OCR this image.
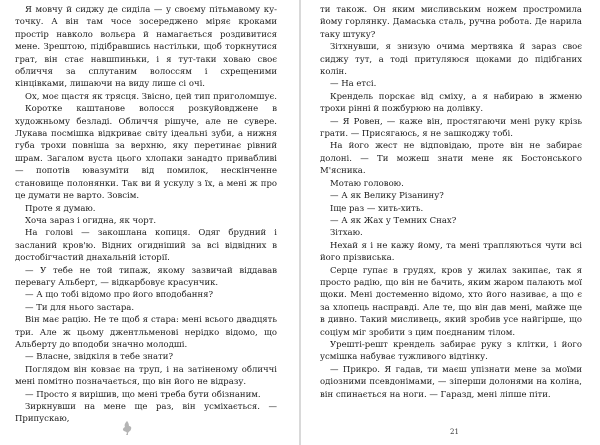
Я мовчу й сиджу де сиділа — у своєму пітьмавому куточку. А він там чосе зосереджено міряє кроками простір навколо вольєра й намагається роздивитися мене. Зрештою, підібравшись настільки, щоб торкнутися грат, він стає навшпиньки, і я тут-таки ховаю своє обличчя за сплутаним волоссям і схрещеними кінцівками, лишаючи на виду лише сі очі.

Ох, моє щастя як трясця. Звісно, цей тип приголомшує.

Коротке каштанове волосся розкуйовджене в художньому безладі. Обличчя рішуче, але не сувере. Лукава посмішка відкриває світу ідеальні зуби, а нижня губа трохи повніша за верхню, яку перетинає рівний шрам. Загалом вуста цього хлопаки занадто привабливі — попотів ювазуміти від помилок, нескінченне становище полонянки. Так ви й ускулу з їх, а мені ж про це думати не варто. Зовсім.

Проте я думаю.

Хоча зараз і огидна, як чорт.

На голові — закошлана копиця. Одяг брудний і засланий кров'ю. Відних огидніший за всі відвідних в достобігчастий днахальній історії.

— У тебе не той типаж, якому зазвичай віддавав перевагу Альберт, — відкарбовує красунчик.

— А що тобі відомо про його вподобання?

— Ти для нього застара.

Він має рацію. Не те щоб я стара: мені всього двадцять три. Але ж цьому джентльменові нерідко відомо, що Альберту до вподоби значно молодші.

— Власне, звідкіля в тебе знати?

Поглядом він ковзає на труп, і на затіненому обличчі мені помітно позначається, що він його не відразу.

— Просто я вирішив, що мені треба бути обізнаним.

Зиркнувши на мене ще раз, він усміхається. — Припускаю,

ти також. Он яким мисливським ножем простромила йому горлянку. Дамаська сталь, ручна робота. Де нарила таку штуку?

Зітхнувши, я знизую очима мертвяка й зараз своє сиджу тут, а тоді притуляюся щоками до підібганих колін.

— На етсі.

Крендель порскає від сміху, а я набираю в жменю трохи рінні й пожбурюю на долівку.

— Я Ровен, — каже він, простягаючи мені руку крізь грати. — Присягаюсь, я не зашкоджу тобі.

На його жест не відповідаю, проте він не забирає долоні. — Ти можеш знати мене як Бостонського М'ясника.

Мотаю головою.

— А як Велику Різанину?

Іще раз — хить-хить.

— А як Жах у Темних Снах?

Зітхаю.

Нехай я і не кажу йому, та мені трапляються чути всі його прізвиська.

Серце гупає в грудях, кров у жилах закипає, так я просто радію, що він не бачить, яким жаром палають мої щоки. Мені достеменно відомо, хто його називає, а що є за хлопець насправді. Але те, що він дав мені, майже ще в дивно. Такий мисливець, який зробив усе найгірше, що соціум міг зробити з цим поєднаним тілом.

Урешті-решт крендель забирає руку з клітки, і його усмішка набуває тужливого відтінку.

— Прикро. Я гадав, ти маєш упізнати мене за моїми одіозними псевдонімами, — зіперши долонями на коліна, він спинається на ноги. — Гаразд, мені ліпше піти.

21
